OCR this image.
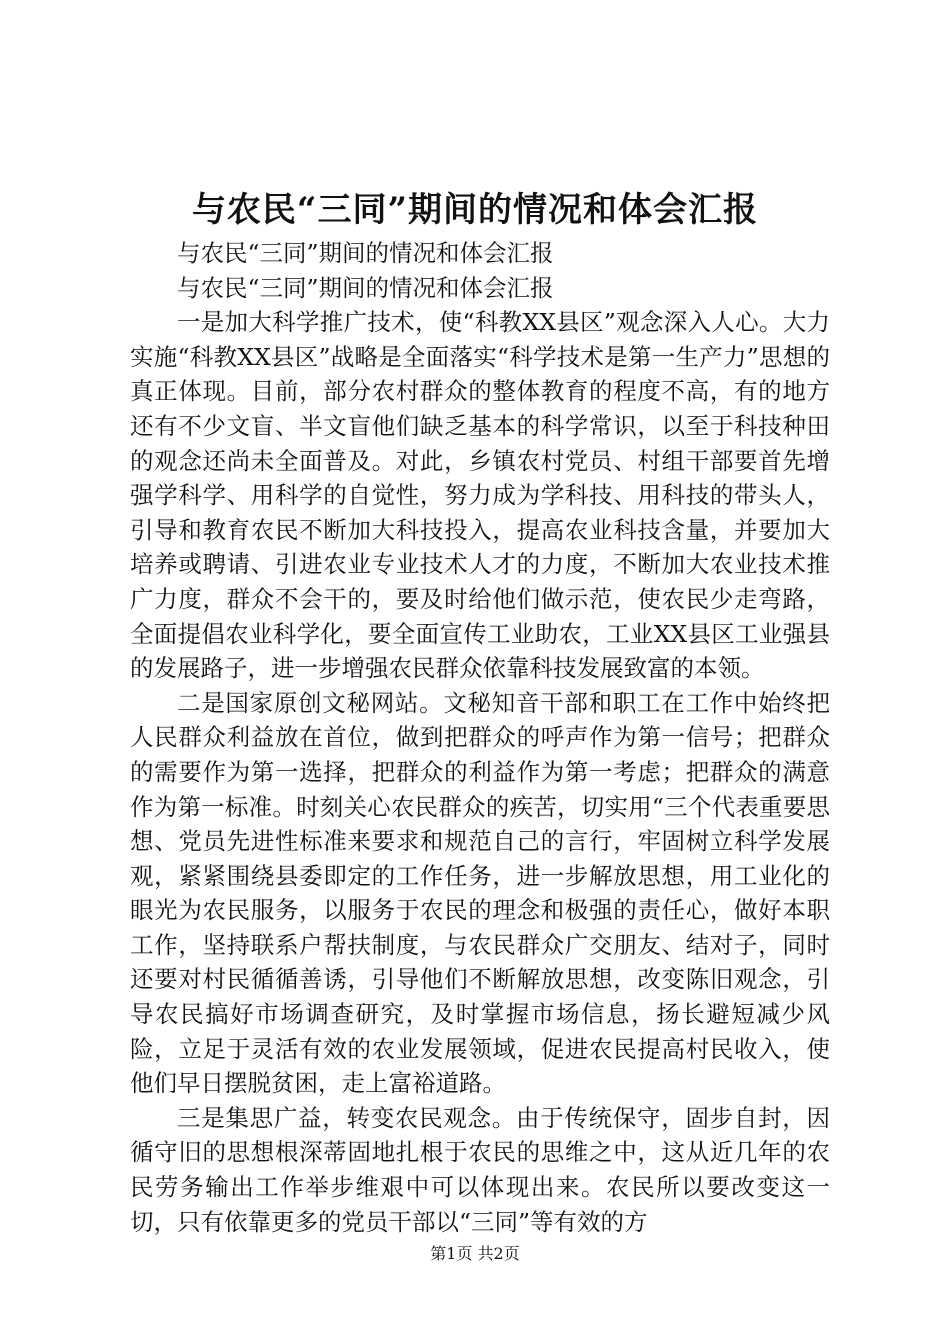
与农民“三同”期间的情况和体会汇报

与农民“三同”期间的情况和体会汇报

与农民“三同”期间的情况和体会汇报

一是加大科学推广技术，使“科教XX县区”观念深入人心。大力实施“科教XX县区”战略是全面落实“科学技术是第一生产力”思想的真正体现。目前，部分农村群众的整体教育的程度不高，有的地方还有不少文盲、半文盲他们缺乏基本的科学常识，以至于科技种田的观念还尚未全面普及。对此，乡镇农村党员、村组干部要首先增强学科学、用科学的自觉性，努力成为学科技、用科技的带头人，引导和教育农民不断加大科技投入，提高农业科技含量，并要加大培养或聘请、引进农业专业技术人才的力度，不断加大农业技术推广力度，群众不会干的，要及时给他们做示范，使农民少走弯路，全面提倡农业科学化，要全面宣传工业助农，工业XX县区工业强县的发展路子，进一步增强农民群众依靠科技发展致富的本领。

二是国家原创文秘网站。文秘知音干部和职工在工作中始终把人民群众利益放在首位，做到把群众的呼声作为第一信号；把群众的需要作为第一选择，把群众的利益作为第一考虑；把群众的满意作为第一标准。时刻关心农民群众的疾苦，切实用“三个代表重要思想、党员先进性标准来要求和规范自己的言行，牢固树立科学发展观，紧紧围绕县委即定的工作任务，进一步解放思想，用工业化的眼光为农民服务，以服务于农民的理念和极强的责任心，做好本职工作，坚持联系户帮扶制度，与农民群众广交朋友、结对子，同时还要对村民循循善诱，引导他们不断解放思想，改变陈旧观念，引导农民搞好市场调查研究，及时掌握市场信息，扬长避短减少风险，立足于灵活有效的农业发展领域，促进农民提高村民收入，使他们早日摆脱贫困，走上富裕道路。

三是集思广益，转变农民观念。由于传统保守，固步自封，因循守旧的思想根深蒂固地扎根于农民的思维之中，这从近几年的农民劳务输出工作举步维艰中可以体现出来。农民所以要改变这一切，只有依靠更多的党员干部以“三同”等有效的方

第1页 共2页
